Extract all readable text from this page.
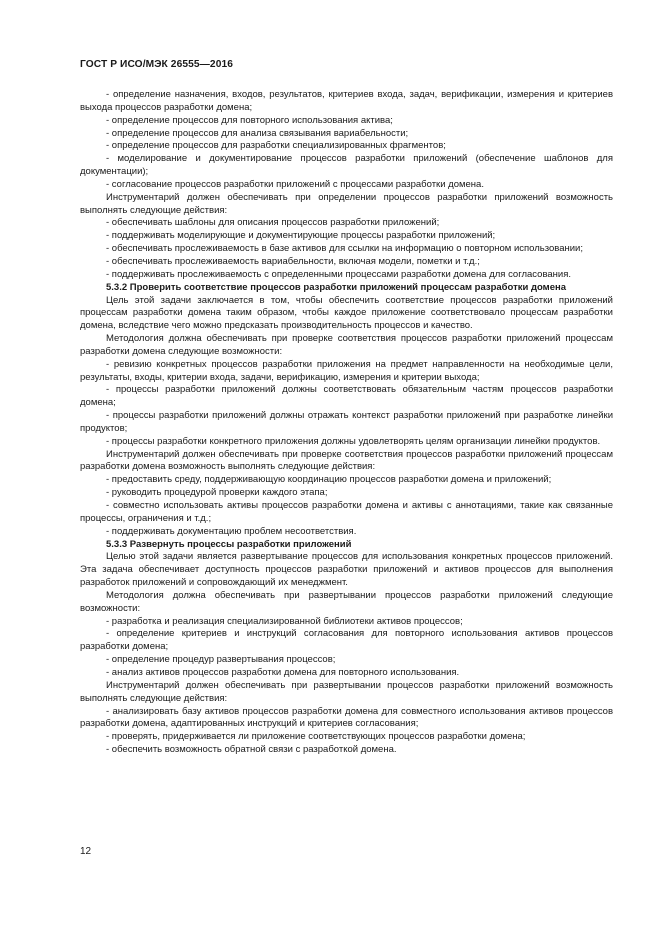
ГОСТ Р ИСО/МЭК 26555—2016

- определение назначения, входов, результатов, критериев входа, задач, верификации, измерения и критериев выхода процессов разработки домена;

- определение процессов для повторного использования актива;

- определение процессов для анализа связывания вариабельности;

- определение процессов для разработки специализированных фрагментов;

- моделирование и документирование процессов разработки приложений (обеспечение шаблонов для документации);

- согласование процессов разработки приложений с процессами разработки домена.

Инструментарий должен обеспечивать при определении процессов разработки приложений возможность выполнять следующие действия:

- обеспечивать шаблоны для описания процессов разработки приложений;

- поддерживать моделирующие и документирующие процессы разработки приложений;

- обеспечивать прослеживаемость в базе активов для ссылки на информацию о повторном использовании;

- обеспечивать прослеживаемость вариабельности, включая модели, пометки и т.д.;

- поддерживать прослеживаемость с определенными процессами разработки домена для согласования.

5.3.2 Проверить соответствие процессов разработки приложений процессам разработки домена

Цель этой задачи заключается в том, чтобы обеспечить соответствие процессов разработки приложений процессам разработки домена таким образом, чтобы каждое приложение соответствовало процессам разработки домена, вследствие чего можно предсказать производительность процессов и качество.

Методология должна обеспечивать при проверке соответствия процессов разработки приложений процессам разработки домена следующие возможности:

- ревизию конкретных процессов разработки приложения на предмет направленности на необходимые цели, результаты, входы, критерии входа, задачи, верификацию, измерения и критерии выхода;

- процессы разработки приложений должны соответствовать обязательным частям процессов разработки домена;

- процессы разработки приложений должны отражать контекст разработки приложений при разработке линейки продуктов;

- процессы разработки конкретного приложения должны удовлетворять целям организации линейки продуктов.

Инструментарий должен обеспечивать при проверке соответствия процессов разработки приложений процессам разработки домена возможность выполнять следующие действия:

- предоставить среду, поддерживающую координацию процессов разработки домена и приложений;

- руководить процедурой проверки каждого этапа;

- совместно использовать активы процессов разработки домена и активы с аннотациями, такие как связанные процессы, ограничения и т.д.;

- поддерживать документацию проблем несоответствия.

5.3.3 Развернуть процессы разработки приложений

Целью этой задачи является развертывание процессов для использования конкретных процессов приложений. Эта задача обеспечивает доступность процессов разработки приложений и активов процессов для выполнения разработок приложений и сопровождающий их менеджмент.

Методология должна обеспечивать при развертывании процессов разработки приложений следующие возможности:

- разработка и реализация специализированной библиотеки активов процессов;

- определение критериев и инструкций согласования для повторного использования активов процессов разработки домена;

- определение процедур развертывания процессов;

- анализ активов процессов разработки домена для повторного использования.

Инструментарий должен обеспечивать при развертывании процессов разработки приложений возможность выполнять следующие действия:

- анализировать базу активов процессов разработки домена для совместного использования активов процессов разработки домена, адаптированных инструкций и критериев согласования;

- проверять, придерживается ли приложение соответствующих процессов разработки домена;

- обеспечить возможность обратной связи с разработкой домена.

12
